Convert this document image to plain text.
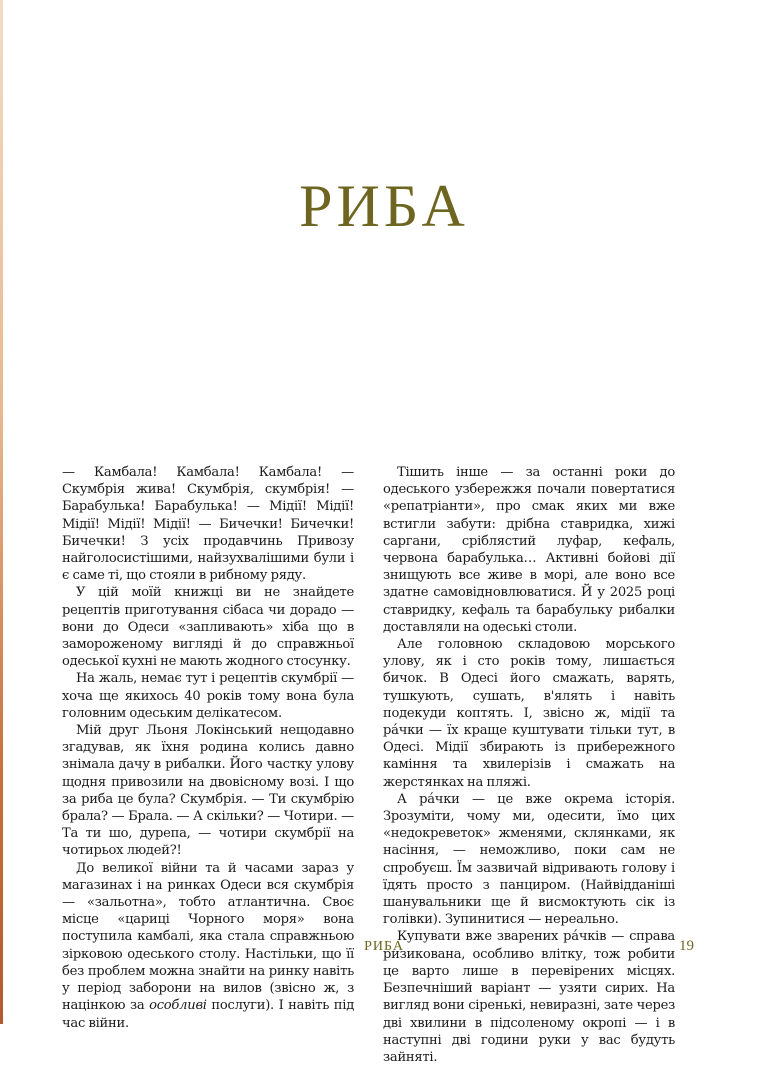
РИБА

— Камбала! Камбала! Камбала! — Скумбрія жива! Скумбрія, скумбрія! — Барабулька! Барабулька! — Мідії! Мідії! Мідії! Мідії! Мідії! — Бичечки! Бичечки! Бичечки! З усіх продавчинь Привозу найголосистішими, найзухвалішими були і є саме ті, що стояли в рибному ряду.

У цій моїй книжці ви не знайдете рецептів приготування сібаса чи дорадо — вони до Одеси «запливають» хіба що в замороженому вигляді й до справжньої одеської кухні не мають жодного стосунку.

На жаль, немає тут і рецептів скумбрії — хоча ще якихось 40 років тому вона була головним одеським делікатесом.

Мій друг Льоня Локінський нещодавно згадував, як їхня родина колись давно знімала дачу в рибалки. Його частку улову щодня привозили на двовісному возі. І що за риба це була? Скумбрія. — Ти скумбрію брала? — Брала. — А скільки? — Чотири. — Та ти шо, дурепа, — чотири скумбрії на чотирьох людей?!

До великої війни та й часами зараз у магазинах і на ринках Одеси вся скумбрія — «зальотна», тобто атлантична. Своє місце «цариці Чорного моря» вона поступила камбалі, яка стала справжньою зірковою одеського столу. Настільки, що її без проблем можна знайти на ринку навіть у період заборони на вилов (звісно ж, з націнкою за особливі послуги). І навіть під час війни.

Тішить інше — за останні роки до одеського узбережжя почали повертатися «репатріанти», про смак яких ми вже встигли забути: дрібна ставридка, хижі саргани, сріблястий луфар, кефаль, червона барабулька… Активні бойові дії знищують все живе в морі, але воно все здатне самовідновлюватися. Й у 2025 році ставридку, кефаль та барабульку рибалки доставляли на одеські столи.

Але головною складовою морського улову, як і сто років тому, лишається бичок. В Одесі його смажать, варять, тушкують, сушать, в'ялять і навіть подекуди коптять. І, звісно ж, мідії та рáчки — їх краще куштувати тільки тут, в Одесі. Мідії збирають із прибережного каміння та хвилерізів і смажать на жерстянках на пляжі.

А рáчки — це вже окрема історія. Зрозуміти, чому ми, одесити, їмо цих «недокреветок» жменями, склянками, як насіння, — неможливо, поки сам не спробуєш. Їм зазвичай відривають голову і їдять просто з панциром. (Найвідданіші шанувальники ще й висмоктують сік із голівки). Зупинитися — нереально.

Купувати вже зварених рáчків — справа ризикована, особливо влітку, тож робити це варто лише в перевірених місцях. Безпечніший варіант — узяти сирих. На вигляд вони сіренькі, невиразні, зате через дві хвилини в підсоленому окропі — і в наступні дві години руки у вас будуть зайняті.

РИБА	19
